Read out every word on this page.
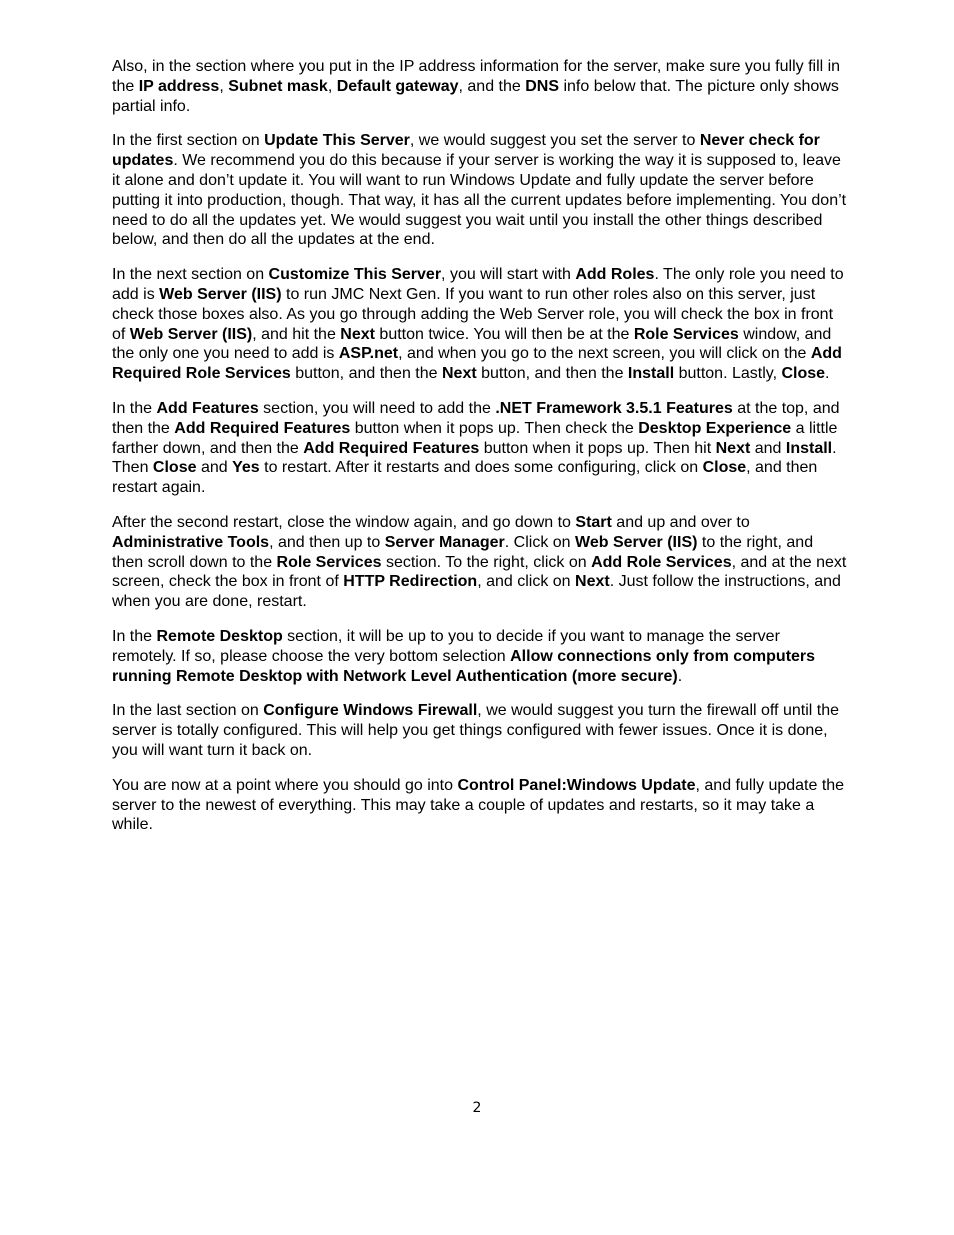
Also, in the section where you put in the IP address information for the server, make sure you fully fill in the IP address, Subnet mask, Default gateway, and the DNS info below that. The picture only shows partial info.

In the first section on Update This Server, we would suggest you set the server to Never check for updates. We recommend you do this because if your server is working the way it is supposed to, leave it alone and don’t update it. You will want to run Windows Update and fully update the server before putting it into production, though. That way, it has all the current updates before implementing. You don’t need to do all the updates yet. We would suggest you wait until you install the other things described below, and then do all the updates at the end.

In the next section on Customize This Server, you will start with Add Roles. The only role you need to add is Web Server (IIS) to run JMC Next Gen. If you want to run other roles also on this server, just check those boxes also. As you go through adding the Web Server role, you will check the box in front of Web Server (IIS), and hit the Next button twice. You will then be at the Role Services window, and the only one you need to add is ASP.net, and when you go to the next screen, you will click on the Add Required Role Services button, and then the Next button, and then the Install button. Lastly, Close.

In the Add Features section, you will need to add the .NET Framework 3.5.1 Features at the top, and then the Add Required Features button when it pops up. Then check the Desktop Experience a little farther down, and then the Add Required Features button when it pops up. Then hit Next and Install. Then Close and Yes to restart. After it restarts and does some configuring, click on Close, and then restart again.

After the second restart, close the window again, and go down to Start and up and over to Administrative Tools, and then up to Server Manager. Click on Web Server (IIS) to the right, and then scroll down to the Role Services section. To the right, click on Add Role Services, and at the next screen, check the box in front of HTTP Redirection, and click on Next. Just follow the instructions, and when you are done, restart.

In the Remote Desktop section, it will be up to you to decide if you want to manage the server remotely. If so, please choose the very bottom selection Allow connections only from computers running Remote Desktop with Network Level Authentication (more secure).

In the last section on Configure Windows Firewall, we would suggest you turn the firewall off until the server is totally configured. This will help you get things configured with fewer issues. Once it is done, you will want turn it back on.

You are now at a point where you should go into Control Panel:Windows Update, and fully update the server to the newest of everything. This may take a couple of updates and restarts, so it may take a while.

2
